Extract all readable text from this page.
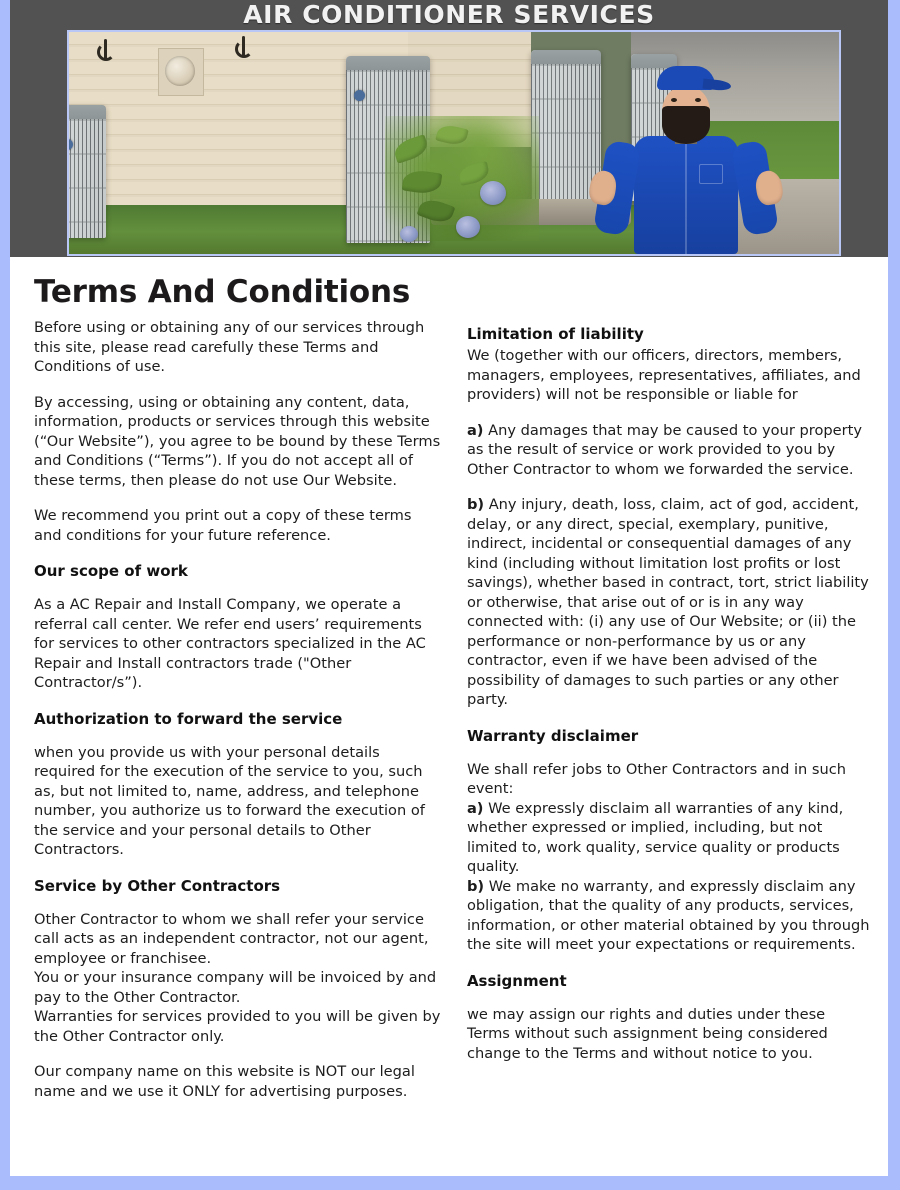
AIR CONDITIONER SERVICES
Terms And Conditions

Before using or obtaining any of our services through this site, please read carefully these Terms and Conditions of use.

By accessing, using or obtaining any content, data, information, products or services through this website (“Our Website”), you agree to be bound by these Terms and Conditions (“Terms”). If you do not accept all of these terms, then please do not use Our Website.

We recommend you print out a copy of these terms and conditions for your future reference.

Our scope of work

As a AC Repair and Install Company, we operate a referral call center. We refer end users’ requirements for services to other contractors specialized in the AC Repair and Install contractors trade ("Other Contractor/s”).

Authorization to forward the service

when you provide us with your personal details required for the execution of the service to you, such as, but not limited to, name, address, and telephone number, you authorize us to forward the execution of the service and your personal details to Other Contractors.

Service by Other Contractors

Other Contractor to whom we shall refer your service call acts as an independent contractor, not our agent, employee or franchisee.

You or your insurance company will be invoiced by and pay to the Other Contractor.

Warranties for services provided to you will be given by the Other Contractor only.

Our company name on this website is NOT our legal name and we use it ONLY for advertising purposes.

Limitation of liability

We (together with our officers, directors, members, managers, employees, representatives, affiliates, and providers) will not be responsible or liable for

a) Any damages that may be caused to your property as the result of service or work provided to you by Other Contractor to whom we forwarded the service.

b) Any injury, death, loss, claim, act of god, accident, delay, or any direct, special, exemplary, punitive, indirect, incidental or consequential damages of any kind (including without limitation lost profits or lost savings), whether based in contract, tort, strict liability or otherwise, that arise out of or is in any way connected with: (i) any use of Our Website; or (ii) the performance or non-performance by us or any contractor, even if we have been advised of the possibility of damages to such parties or any other party.

Warranty disclaimer

We shall refer jobs to Other Contractors and in such event:

a) We expressly disclaim all warranties of any kind, whether expressed or implied, including, but not limited to, work quality, service quality or products quality.

b) We make no warranty, and expressly disclaim any obligation, that the quality of any products, services, information, or other material obtained by you through the site will meet your expectations or requirements.

Assignment

we may assign our rights and duties under these Terms without such assignment being considered change to the Terms and without notice to you.
